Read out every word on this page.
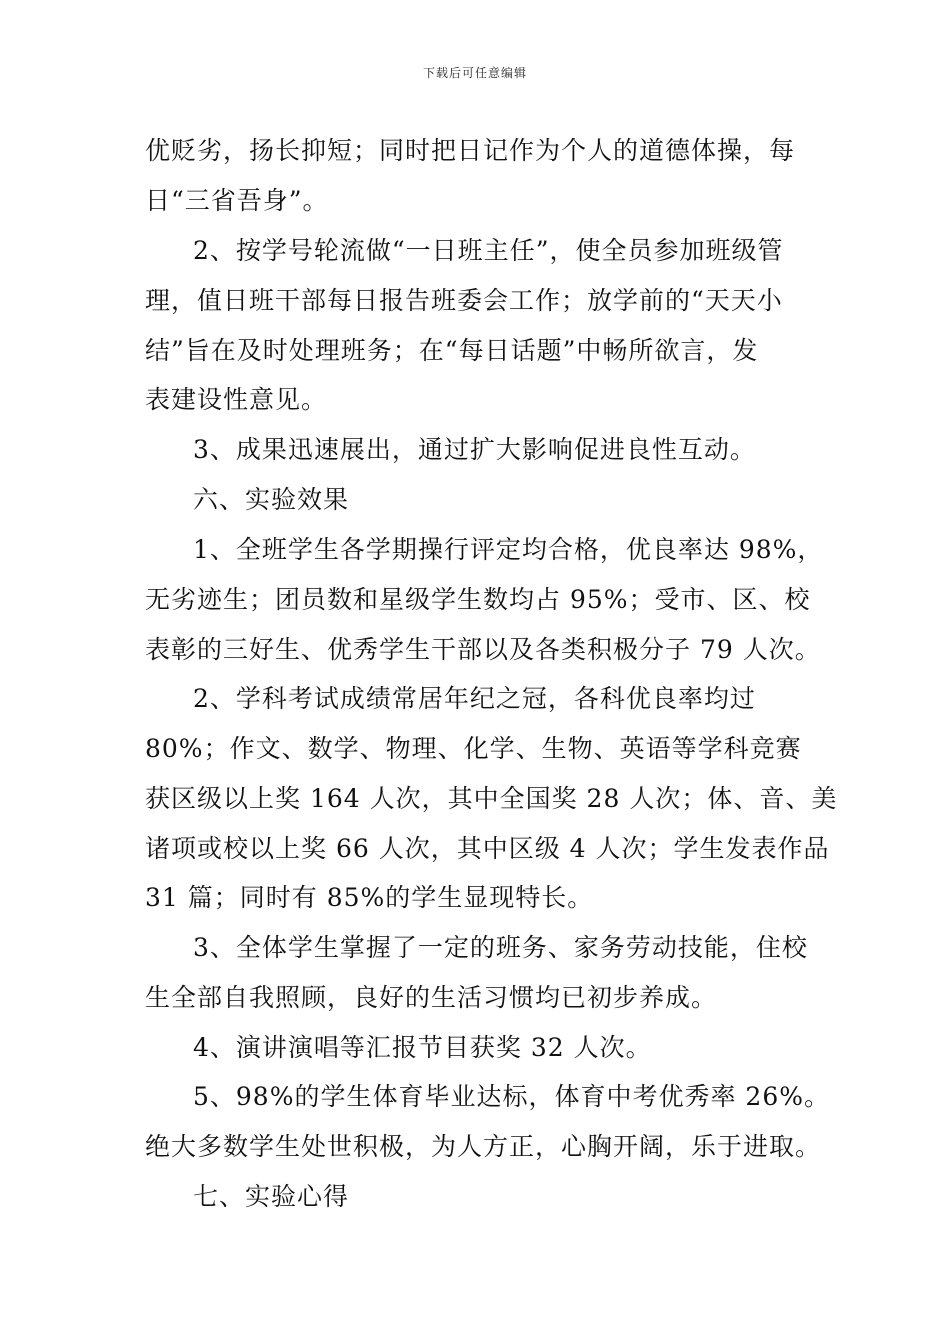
下载后可任意编辑
优贬劣，扬长抑短；同时把日记作为个人的道德体操，每
日“三省吾身”。
2、按学号轮流做“一日班主任”，使全员参加班级管
理，值日班干部每日报告班委会工作；放学前的“天天小
结”旨在及时处理班务；在“每日话题”中畅所欲言，发
表建设性意见。
3、成果迅速展出，通过扩大影响促进良性互动。
六、实验效果
1、全班学生各学期操行评定均合格，优良率达 98%，
无劣迹生；团员数和星级学生数均占 95%；受市、区、校
表彰的三好生、优秀学生干部以及各类积极分子 79 人次。
2、学科考试成绩常居年纪之冠，各科优良率均过
80%；作文、数学、物理、化学、生物、英语等学科竞赛
获区级以上奖 164 人次，其中全国奖 28 人次；体、音、美
诸项或校以上奖 66 人次，其中区级 4 人次；学生发表作品
31 篇；同时有 85%的学生显现特长。
3、全体学生掌握了一定的班务、家务劳动技能，住校
生全部自我照顾，良好的生活习惯均已初步养成。
4、演讲演唱等汇报节目获奖 32 人次。
5、98%的学生体育毕业达标，体育中考优秀率 26%。
绝大多数学生处世积极，为人方正，心胸开阔，乐于进取。
七、实验心得
